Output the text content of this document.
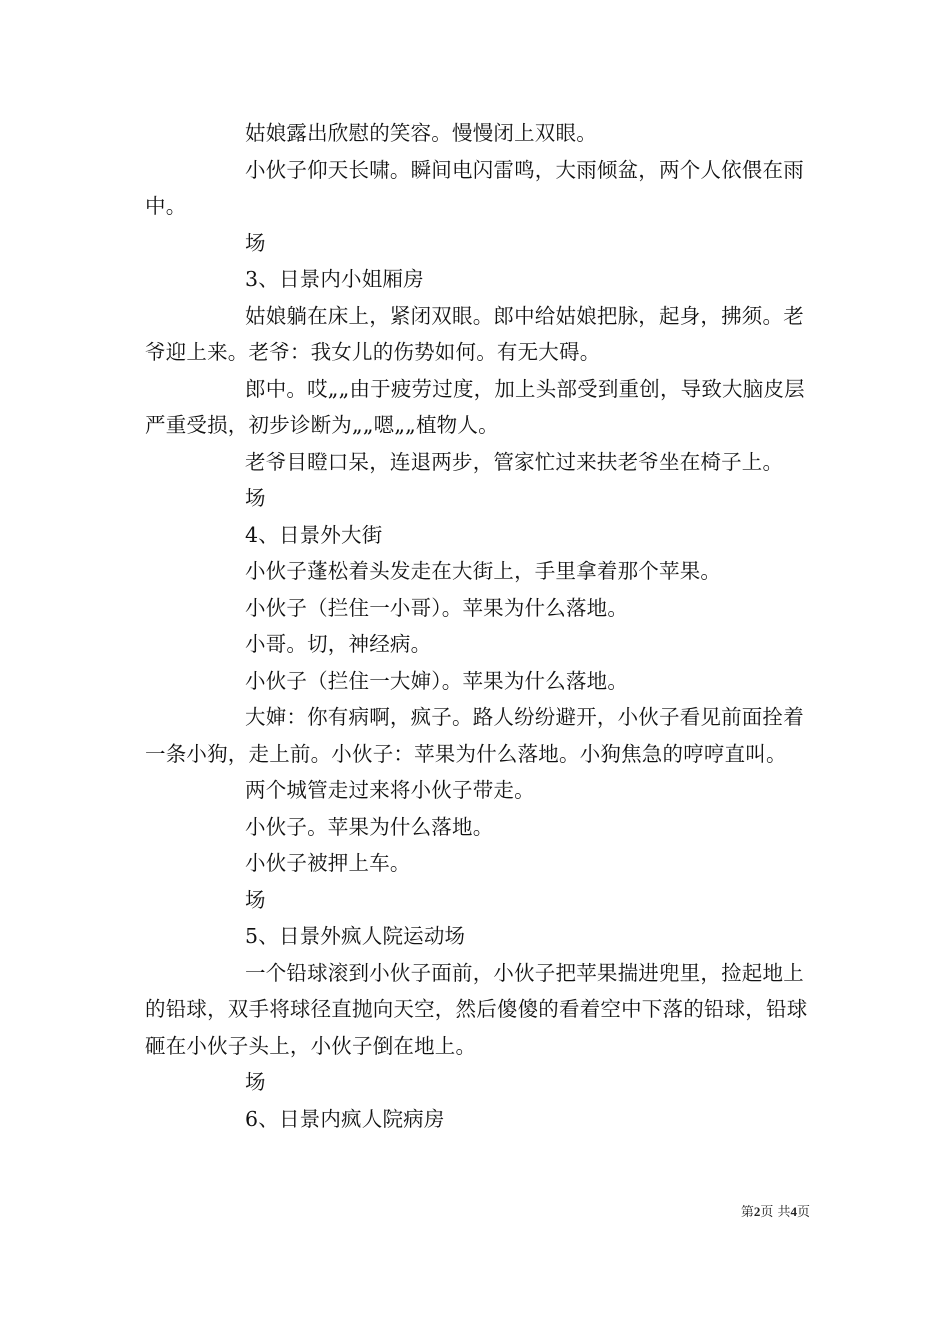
姑娘露出欣慰的笑容。慢慢闭上双眼。

小伙子仰天长啸。瞬间电闪雷鸣，大雨倾盆，两个人依偎在雨中。

场

3、日景内小姐厢房

姑娘躺在床上，紧闭双眼。郎中给姑娘把脉，起身，拂须。老爷迎上来。老爷：我女儿的伤势如何。有无大碍。

郎中。哎„„由于疲劳过度，加上头部受到重创，导致大脑皮层严重受损，初步诊断为„„嗯„„植物人。

老爷目瞪口呆，连退两步，管家忙过来扶老爷坐在椅子上。

场

4、日景外大街

小伙子蓬松着头发走在大街上，手里拿着那个苹果。

小伙子（拦住一小哥）。苹果为什么落地。

小哥。切，神经病。

小伙子（拦住一大婶）。苹果为什么落地。

大婶：你有病啊，疯子。路人纷纷避开，小伙子看见前面拴着一条小狗，走上前。小伙子：苹果为什么落地。小狗焦急的哼哼直叫。

两个城管走过来将小伙子带走。

小伙子。苹果为什么落地。

小伙子被押上车。

场

5、日景外疯人院运动场

一个铅球滚到小伙子面前，小伙子把苹果揣进兜里，捡起地上的铅球，双手将球径直抛向天空，然后傻傻的看着空中下落的铅球，铅球砸在小伙子头上，小伙子倒在地上。

场

6、日景内疯人院病房

第2页 共4页
